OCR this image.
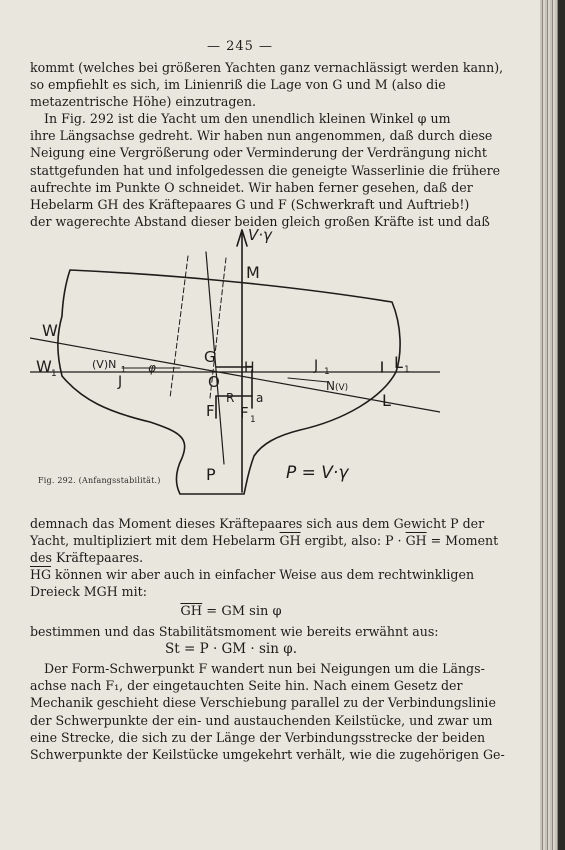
— 245 —
kommt (welches bei größeren Yachten ganz vernachlässigt werden kann),
so empfiehlt es sich, im Linienriß die Lage von G und M (also die
metazentrische Höhe) einzutragen.
In Fig. 292 ist die Yacht um den unendlich kleinen Winkel φ um
ihre Längsachse gedreht. Wir haben nun angenommen, daß durch diese
Neigung eine Vergrößerung oder Verminderung der Verdrängung nicht
stattgefunden hat und infolgedessen die geneigte Wasserlinie die frühere
aufrechte im Punkte O schneidet. Wir haben ferner gesehen, daß der
Hebelarm GH des Kräftepaares G und F (Schwerkraft und Auftrieb!)
der wagerechte Abstand dieser beiden gleich großen Kräfte ist und daß
V·γ
M
W
W 1
(V)N 1 φ
J
G
H
O
F
R a
F 1
J 1
N (V)
L 1
L
P	P = V·γ
Fig. 292. (Anfangsstabilität.)
demnach das Moment dieses Kräftepaares sich aus dem Gewicht P der
Yacht, multipliziert mit dem Hebelarm $\overline{GH}$ ergibt, also: $P \cdot \overline{GH}$ = Moment
des Kräftepaares.
$\overline{HG}$ können wir aber auch in einfacher Weise aus dem rechtwinkligen
Dreieck MGH mit:
$\overline{GH}$ = GM sin φ
bestimmen und das Stabilitätsmoment wie bereits erwähnt aus:
St = P · GM · sin φ.
Der Form-Schwerpunkt F wandert nun bei Neigungen um die Längs-
achse nach F₁, der eingetauchten Seite hin. Nach einem Gesetz der
Mechanik geschieht diese Verschiebung parallel zu der Verbindungslinie
der Schwerpunkte der ein- und austauchenden Keilstücke, und zwar um
eine Strecke, die sich zu der Länge der Verbindungsstrecke der beiden
Schwerpunkte der Keilstücke umgekehrt verhält, wie die zugehörigen Ge-
